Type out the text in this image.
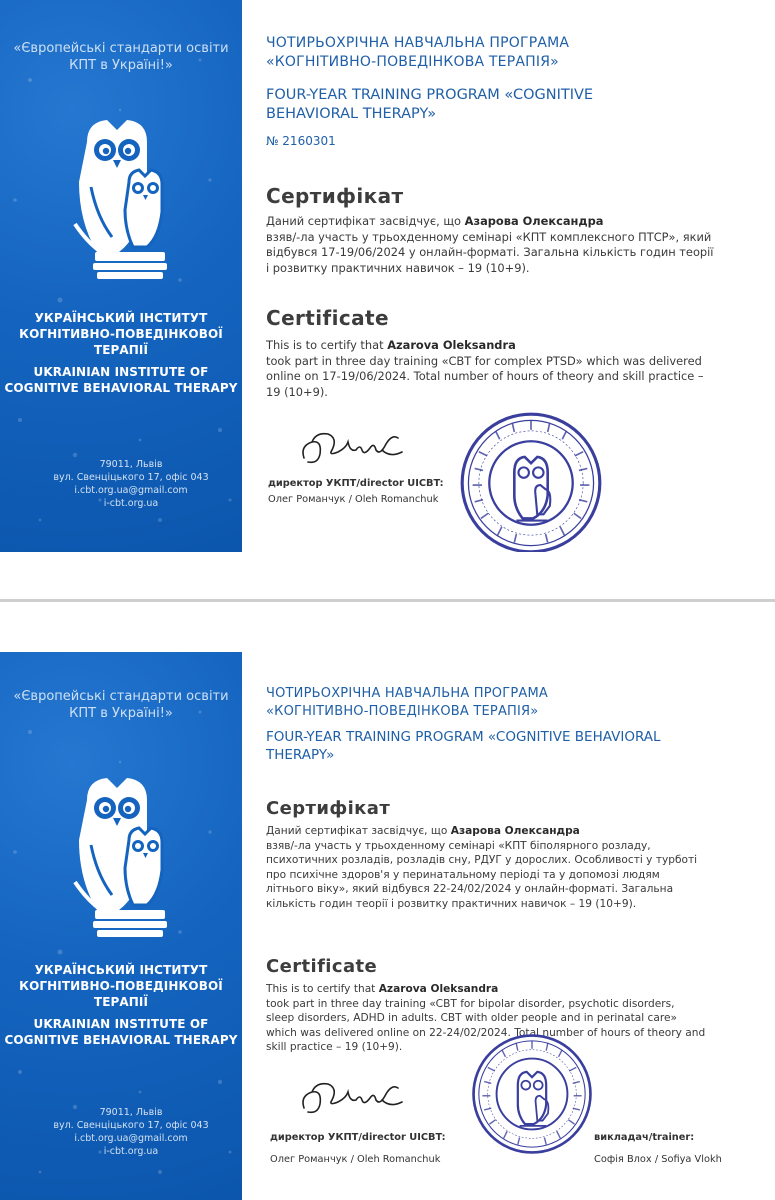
«Європейські стандарти освіти КПТ в Україні!»
УКРАЇНСЬКИЙ ІНСТИТУТ КОГНІТИВНО-ПОВЕДІНКОВОЇ ТЕРАПІЇ
UKRAINIAN INSTITUTE OF COGNITIVE BEHAVIORAL THERAPY
79011, Львів
вул. Свенціцького 17, офіс 043
i.cbt.org.ua@gmail.com
i-cbt.org.ua
ЧОТИРЬОХРІЧНА НАВЧАЛЬНА ПРОГРАМА
«КОГНІТИВНО-ПОВЕДІНКОВА ТЕРАПІЯ»
FOUR-YEAR TRAINING PROGRAM «COGNITIVE BEHAVIORAL THERAPY»
№ 2160301
Сертифікат
Даний сертифікат засвідчує, що Азарова Олександра
взяв/-ла участь у трьохденному семінарі «КПТ комплексного ПТСР», який відбувся 17-19/06/2024 у онлайн-форматі. Загальна кількість годин теорії і розвитку практичних навичок – 19 (10+9).
Certificate
This is to certify that Azarova Oleksandra
took part in three day training «CBT for complex PTSD» which was delivered online on 17-19/06/2024. Total number of hours of theory and skill practice – 19 (10+9).
директор УКПТ/director UICBT:
Олег Романчук / Oleh Romanchuk
«Європейські стандарти освіти КПТ в Україні!»
УКРАЇНСЬКИЙ ІНСТИТУТ КОГНІТИВНО-ПОВЕДІНКОВОЇ ТЕРАПІЇ
UKRAINIAN INSTITUTE OF COGNITIVE BEHAVIORAL THERAPY
79011, Львів
вул. Свенціцького 17, офіс 043
i.cbt.org.ua@gmail.com
i-cbt.org.ua
ЧОТИРЬОХРІЧНА НАВЧАЛЬНА ПРОГРАМА
«КОГНІТИВНО-ПОВЕДІНКОВА ТЕРАПІЯ»
FOUR-YEAR TRAINING PROGRAM «COGNITIVE BEHAVIORAL THERAPY»
Сертифікат
Даний сертифікат засвідчує, що Азарова Олександра
взяв/-ла участь у трьохденному семінарі «КПТ біполярного розладу, психотичних розладів, розладів сну, РДУГ у дорослих. Особливості у турботі про психічне здоров'я у перинатальному періоді та у допомозі людям літнього віку», який відбувся 22-24/02/2024 у онлайн-форматі. Загальна кількість годин теорії і розвитку практичних навичок – 19 (10+9).
Certificate
This is to certify that Azarova Oleksandra
took part in three day training «CBT for bipolar disorder, psychotic disorders, sleep disorders, ADHD in adults. CBT with older people and in perinatal care» which was delivered online on 22-24/02/2024. Total number of hours of theory and skill practice – 19 (10+9).
директор УКПТ/director UICBT:
Олег Романчук / Oleh Romanchuk
викладач/trainer:
Софія Влох / Sofiya Vlokh
